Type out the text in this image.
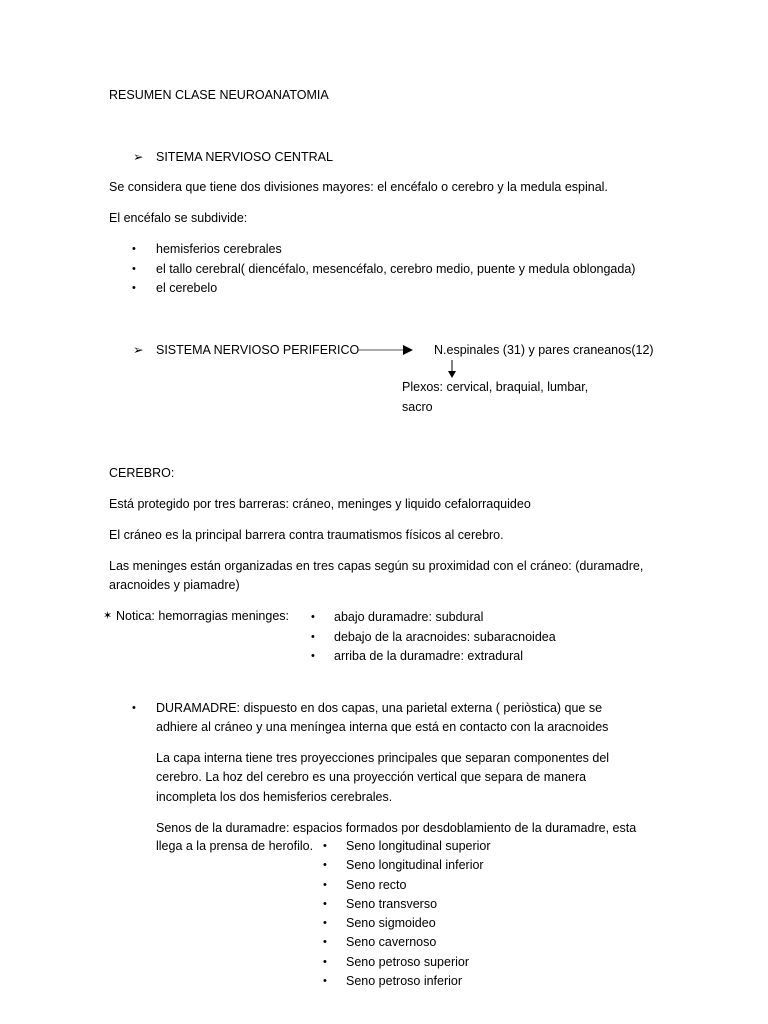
RESUMEN CLASE NEUROANATOMIA
➢ SITEMA NERVIOSO CENTRAL
Se considera que tiene dos divisiones mayores: el encéfalo o cerebro y la medula espinal.
El encéfalo se subdivide:
• hemisferios cerebrales
• el tallo cerebral( diencéfalo, mesencéfalo, cerebro medio, puente y medula oblongada)
• el cerebelo
➢ SISTEMA NERVIOSO PERIFERICO	N.espinales (31) y pares craneanos(12)
Plexos: cervical, braquial, lumbar,
sacro
CEREBRO:
Está protegido por tres barreras: cráneo, meninges y liquido cefalorraquideo
El cráneo es la principal barrera contra traumatismos físicos al cerebro.
Las meninges están organizadas en tres capas según su proximidad con el cráneo: (duramadre,
aracnoides y piamadre)
✶ Notica: hemorragias meninges: • abajo duramadre: subdural
• debajo de la aracnoides: subaracnoidea
• arriba de la duramadre: extradural
• DURAMADRE: dispuesto en dos capas, una parietal externa ( periòstica) que se
adhiere al cráneo y una meníngea interna que está en contacto con la aracnoides
La capa interna tiene tres proyecciones principales que separan componentes del
cerebro. La hoz del cerebro es una proyección vertical que separa de manera
incompleta los dos hemisferios cerebrales.
Senos de la duramadre: espacios formados por desdoblamiento de la duramadre, esta
llega a la prensa de herofilo. • Seno longitudinal superior
• Seno longitudinal inferior
• Seno recto
• Seno transverso
• Seno sigmoideo
• Seno cavernoso
• Seno petroso superior
• Seno petroso inferior
